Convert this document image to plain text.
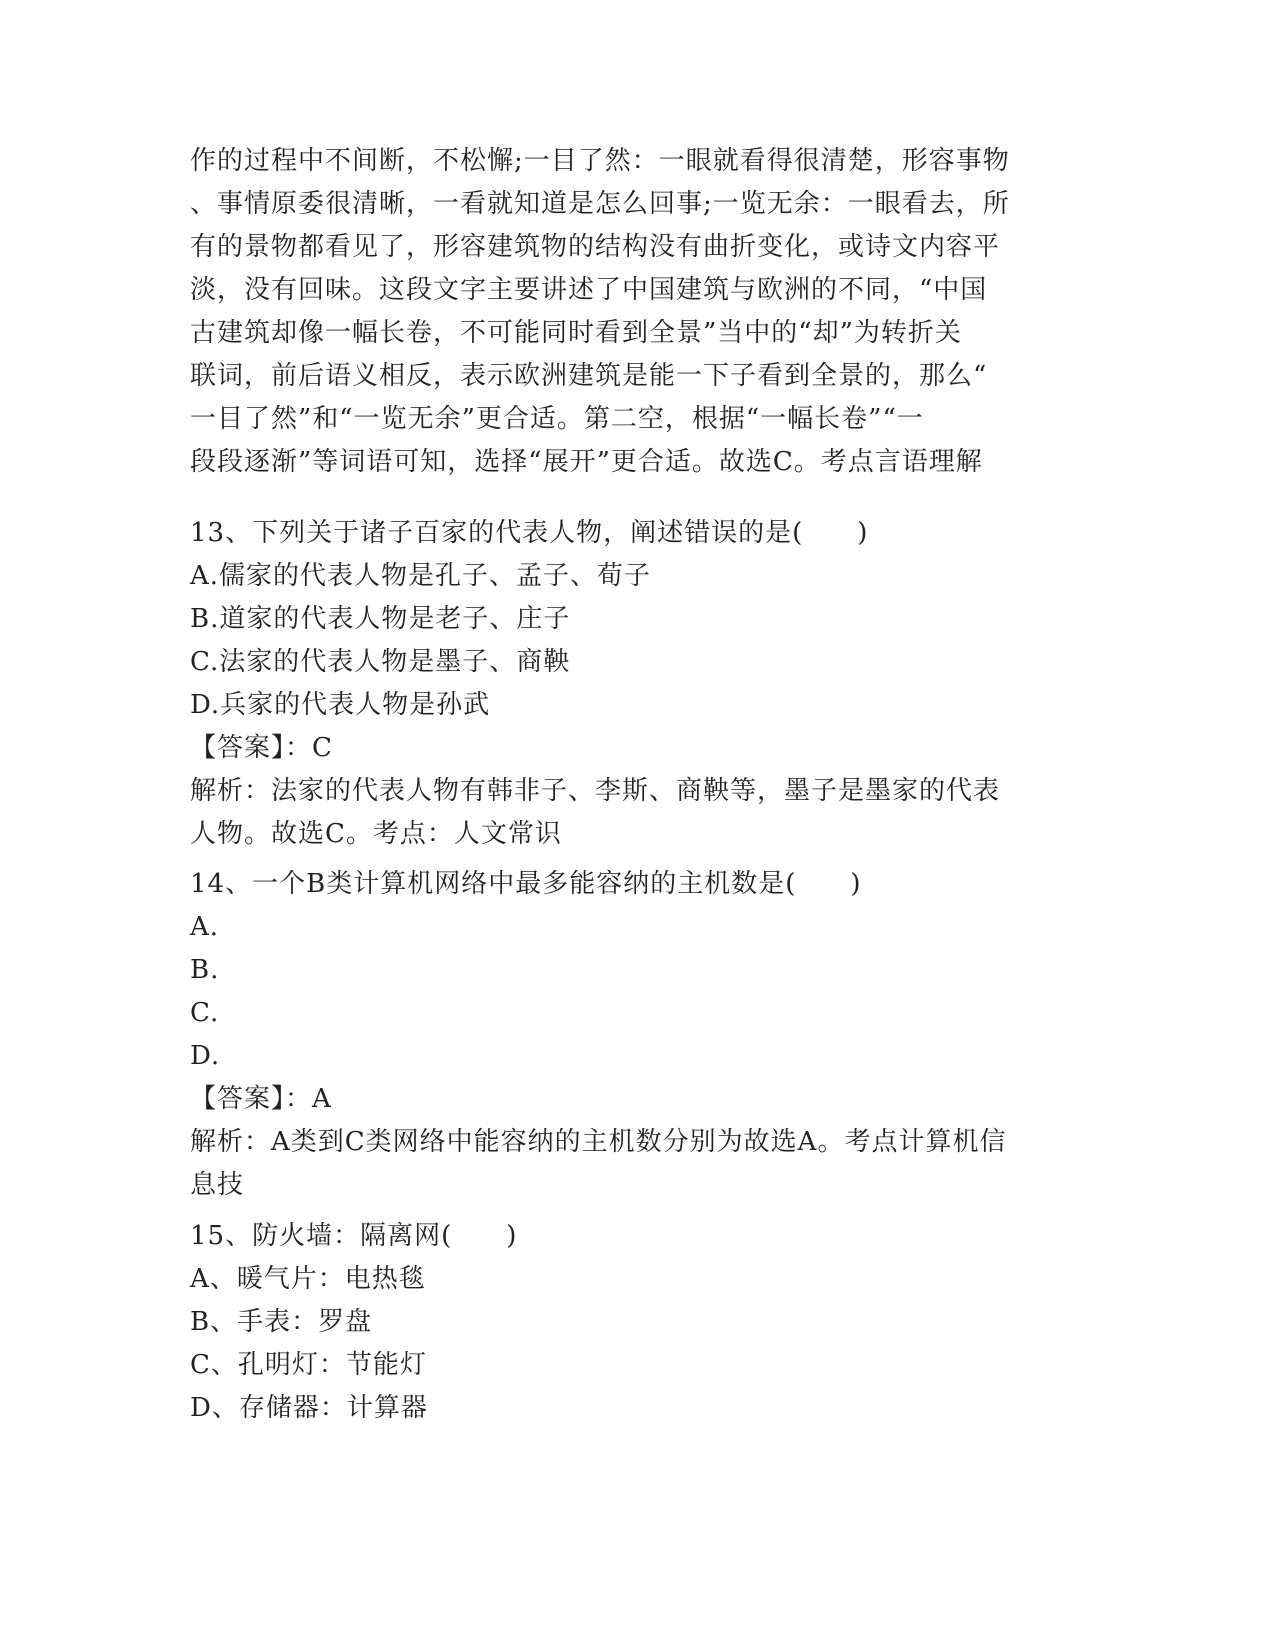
作的过程中不间断，不松懈;一目了然：一眼就看得很清楚，形容事物
、事情原委很清晰，一看就知道是怎么回事;一览无余：一眼看去，所
有的景物都看见了，形容建筑物的结构没有曲折变化，或诗文内容平
淡，没有回味。这段文字主要讲述了中国建筑与欧洲的不同，“中国
古建筑却像一幅长卷，不可能同时看到全景”当中的“却”为转折关
联词，前后语义相反，表示欧洲建筑是能一下子看到全景的，那么“
一目了然”和“一览无余”更合适。第二空，根据“一幅长卷”“一
段段逐渐”等词语可知，选择“展开”更合适。故选C。考点言语理解
13、下列关于诸子百家的代表人物，阐述错误的是(　　)
A.儒家的代表人物是孔子、孟子、荀子
B.道家的代表人物是老子、庄子
C.法家的代表人物是墨子、商鞅
D.兵家的代表人物是孙武
【答案】：C
解析：法家的代表人物有韩非子、李斯、商鞅等，墨子是墨家的代表
人物。故选C。考点：人文常识
14、一个B类计算机网络中最多能容纳的主机数是(　　)
A.
B.
C.
D.
【答案】：A
解析：A类到C类网络中能容纳的主机数分别为故选A。考点计算机信
息技
15、防火墙：隔离网(　　)
A、暖气片：电热毯
B、手表：罗盘
C、孔明灯：节能灯
D、存储器：计算器
